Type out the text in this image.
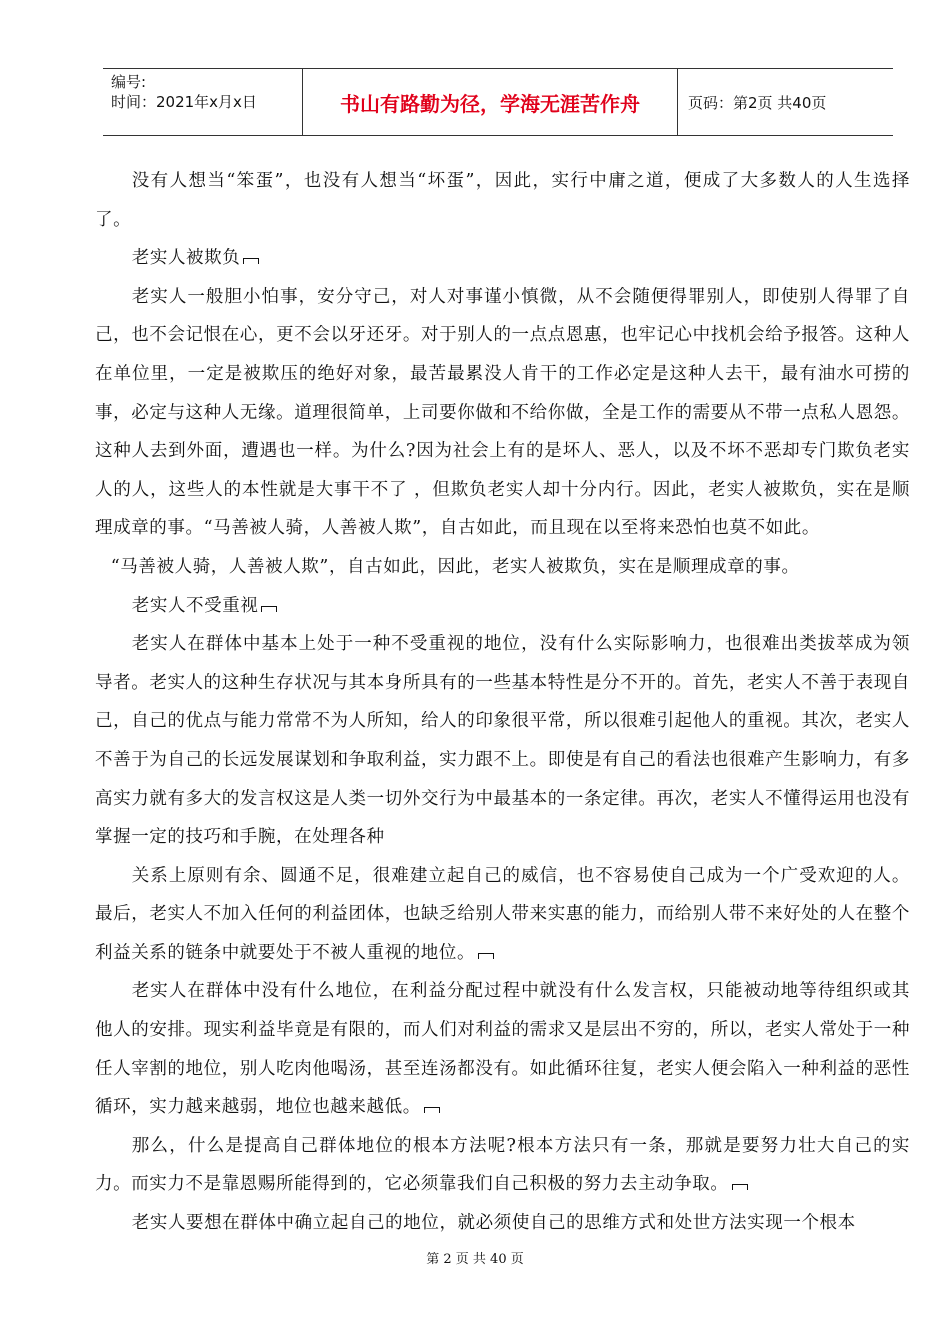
编号:
时间：2021年x月x日	书山有路勤为径，学海无涯苦作舟	页码：第2页 共40页

没有人想当“笨蛋”，也没有人想当“坏蛋”，因此，实行中庸之道，便成了大多数人的人生选择了。

老实人被欺负

老实人一般胆小怕事，安分守己，对人对事谨小慎微，从不会随便得罪别人，即使别人得罪了自己，也不会记恨在心，更不会以牙还牙。对于别人的一点点恩惠，也牢记心中找机会给予报答。这种人在单位里，一定是被欺压的绝好对象，最苦最累没人肯干的工作必定是这种人去干，最有油水可捞的事，必定与这种人无缘。道理很简单，上司要你做和不给你做，全是工作的需要从不带一点私人恩怨。这种人去到外面，遭遇也一样。为什么?因为社会上有的是坏人、恶人，以及不坏不恶却专门欺负老实人的人，这些人的本性就是大事干不了 ，但欺负老实人却十分内行。因此，老实人被欺负，实在是顺理成章的事。“马善被人骑，人善被人欺”，自古如此，而且现在以至将来恐怕也莫不如此。

“马善被人骑，人善被人欺”，自古如此，因此，老实人被欺负，实在是顺理成章的事。

老实人不受重视

老实人在群体中基本上处于一种不受重视的地位，没有什么实际影响力，也很难出类拔萃成为领导者。老实人的这种生存状况与其本身所具有的一些基本特性是分不开的。首先，老实人不善于表现自己，自己的优点与能力常常不为人所知，给人的印象很平常，所以很难引起他人的重视。其次，老实人不善于为自己的长远发展谋划和争取利益，实力跟不上。即使是有自己的看法也很难产生影响力，有多高实力就有多大的发言权这是人类一切外交行为中最基本的一条定律。再次，老实人不懂得运用也没有掌握一定的技巧和手腕，在处理各种

关系上原则有余、圆通不足，很难建立起自己的威信，也不容易使自己成为一个广受欢迎的人。最后，老实人不加入任何的利益团体，也缺乏给别人带来实惠的能力，而给别人带不来好处的人在整个利益关系的链条中就要处于不被人重视的地位。

老实人在群体中没有什么地位，在利益分配过程中就没有什么发言权，只能被动地等待组织或其他人的安排。现实利益毕竟是有限的，而人们对利益的需求又是层出不穷的，所以，老实人常处于一种任人宰割的地位，别人吃肉他喝汤，甚至连汤都没有。如此循环往复，老实人便会陷入一种利益的恶性循环，实力越来越弱，地位也越来越低。

那么，什么是提高自己群体地位的根本方法呢?根本方法只有一条，那就是要努力壮大自己的实力。而实力不是靠恩赐所能得到的，它必须靠我们自己积极的努力去主动争取。

老实人要想在群体中确立起自己的地位，就必须使自己的思维方式和处世方法实现一个根本

第 2 页 共 40 页
